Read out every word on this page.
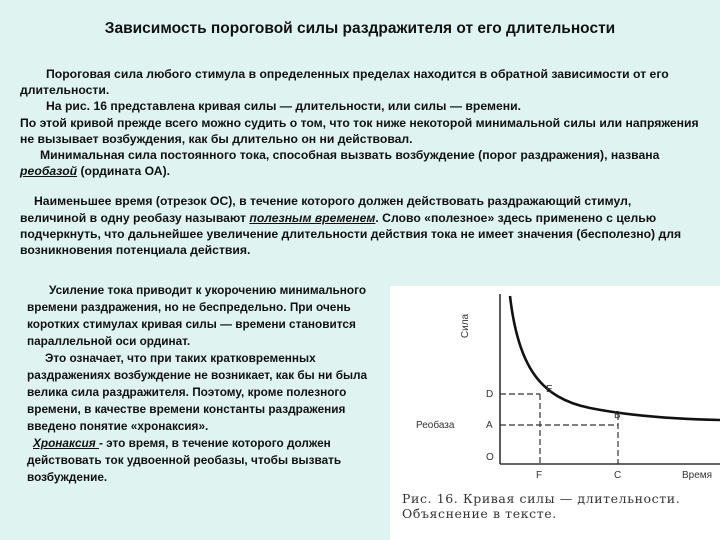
Зависимость пороговой силы раздражителя от его длительности

Пороговая сила любого стимула в определенных пределах находится в обратной зависимости от его длительности.

На рис. 16 представлена кривая силы — длительности, или силы — времени.

По этой кривой прежде всего можно судить о том, что ток ниже некоторой минимальной силы или напряжения не вызывает возбуждения, как бы длительно он ни действовал.

Минимальная сила постоянного тока, способная вызвать возбуждение (порог раздражения), названа реобазой (ордината ОА).

Наименьшее время (отрезок ОС), в течение которого должен действовать раздражающий стимул, величиной в одну реобазу называют полезным временем. Слово «полезное» здесь применено с целью подчеркнуть, что дальнейшее увеличение длительности действия тока не имеет значения (бесполезно) для возникновения потенциала действия.

Усиление тока приводит к укорочению минимального времени раздражения, но не беспредельно. При очень коротких стимулах кривая силы — времени становится параллельной оси ординат.

Это означает, что при таких кратковременных раздражениях возбуждение не возникает, как бы ни была велика сила раздражителя. Поэтому, кроме полезного времени, в качестве времени константы раздражения введено понятие «хронаксия».

Хронаксия - это время, в течение которого должен действовать ток удвоенной реобазы, чтобы вызвать возбуждение.

Сила
D
Реобаза	A
O
E
B
F	C	Время
Рис. 16. Кривая силы — длительности. Объяснение в тексте.
